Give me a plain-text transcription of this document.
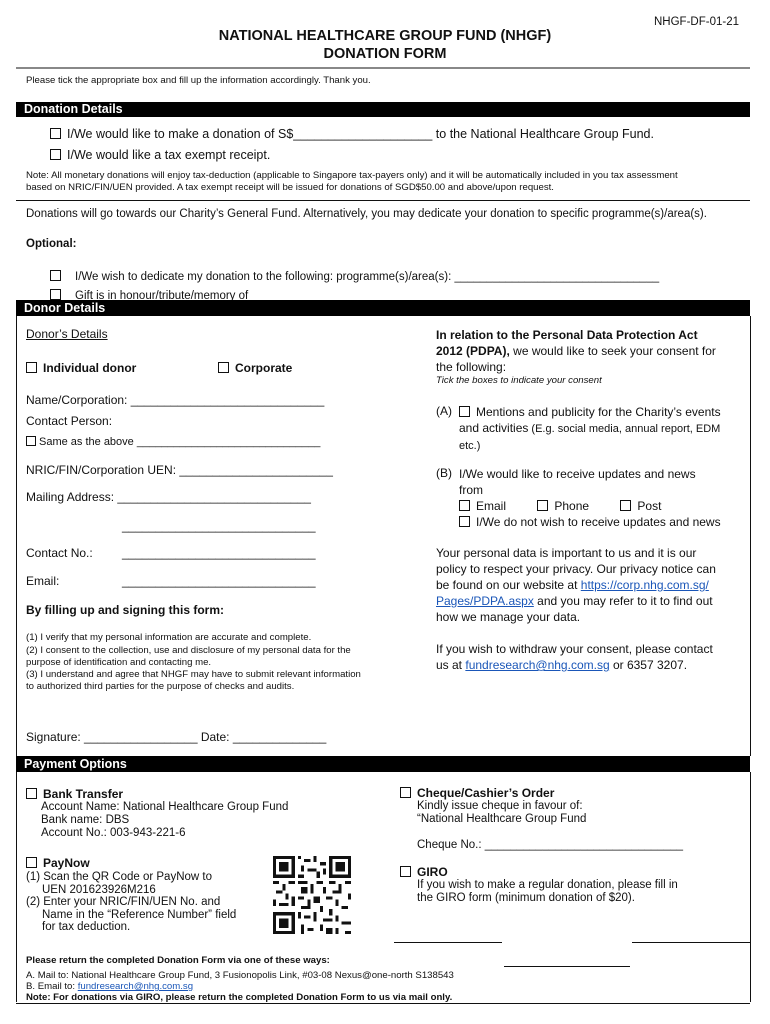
NHGF-DF-01-21
NATIONAL HEALTHCARE GROUP FUND (NHGF)
DONATION FORM
Please tick the appropriate box and fill up the information accordingly. Thank you.
Donation Details
I/We would like to make a donation of S$____________________ to the National Healthcare Group Fund.
I/We would like a tax exempt receipt.
Note: All monetary donations will enjoy tax-deduction (applicable to Singapore tax-payers only) and it will be automatically included in you tax assessment
based on NRIC/FIN/UEN provided. A tax exempt receipt will be issued for donations of SGD$50.00 and above/upon request.
Donations will go towards our Charity’s General Fund. Alternatively, you may dedicate your donation to specific programme(s)/area(s).
Optional:
I/We wish to dedicate my donation to the following: programme(s)/area(s): ________________________________
Gift is in honour/tribute/memory of ________________________________
Donor Details
Donor’s Details
Individual donor	Corporate
Name/Corporation: _____________________________
Contact Person:
Same as the above ______________________________
NRIC/FIN/Corporation UEN: _______________________
Mailing Address: _____________________________
_____________________________
Contact No.: _____________________________
Email:	_____________________________
By filling up and signing this form:
(1) I verify that my personal information are accurate and complete.
(2) I consent to the collection, use and disclosure of my personal data for the
purpose of identification and contacting me.
(3) I understand and agree that NHGF may have to submit relevant information
to authorized third parties for the purpose of checks and audits.
Signature: _________________ Date: ______________
In relation to the Personal Data Protection Act
2012 (PDPA), we would like to seek your consent for
the following:
Tick the boxes to indicate your consent
(A)	Mentions and publicity for the Charity’s events
and activities (E.g. social media, annual report, EDM
etc.)
(B) I/We would like to receive updates and news
from
Email	Phone	Post
I/We do not wish to receive updates and news
Your personal data is important to us and it is our
policy to respect your privacy. Our privacy notice can
be found on our website at https://corp.nhg.com.sg/
Pages/PDPA.aspx and you may refer to it to find out
how we manage your data.
If you wish to withdraw your consent, please contact
us at fundresearch@nhg.com.sg or 6357 3207.
Payment Options
Bank Transfer
Account Name: National Healthcare Group Fund
Bank name: DBS
Account No.: 003-943-221-6
PayNow
(1) Scan the QR Code or PayNow to
UEN 201623926M216
(2) Enter your NRIC/FIN/UEN No. and
Name in the “Reference Number” field
for tax deduction.
Cheque/Cashier’s Order
Kindly issue cheque in favour of:
“National Healthcare Group Fund
Cheque No.: _______________________________
GIRO
If you wish to make a regular donation, please fill in
the GIRO form (minimum donation of $20).
Please return the completed Donation Form via one of these ways:
A. Mail to: National Healthcare Group Fund, 3 Fusionopolis Link, #03-08 Nexus@one-north S138543
B. Email to: fundresearch@nhg.com.sg
Note: For donations via GIRO, please return the completed Donation Form to us via mail only.
